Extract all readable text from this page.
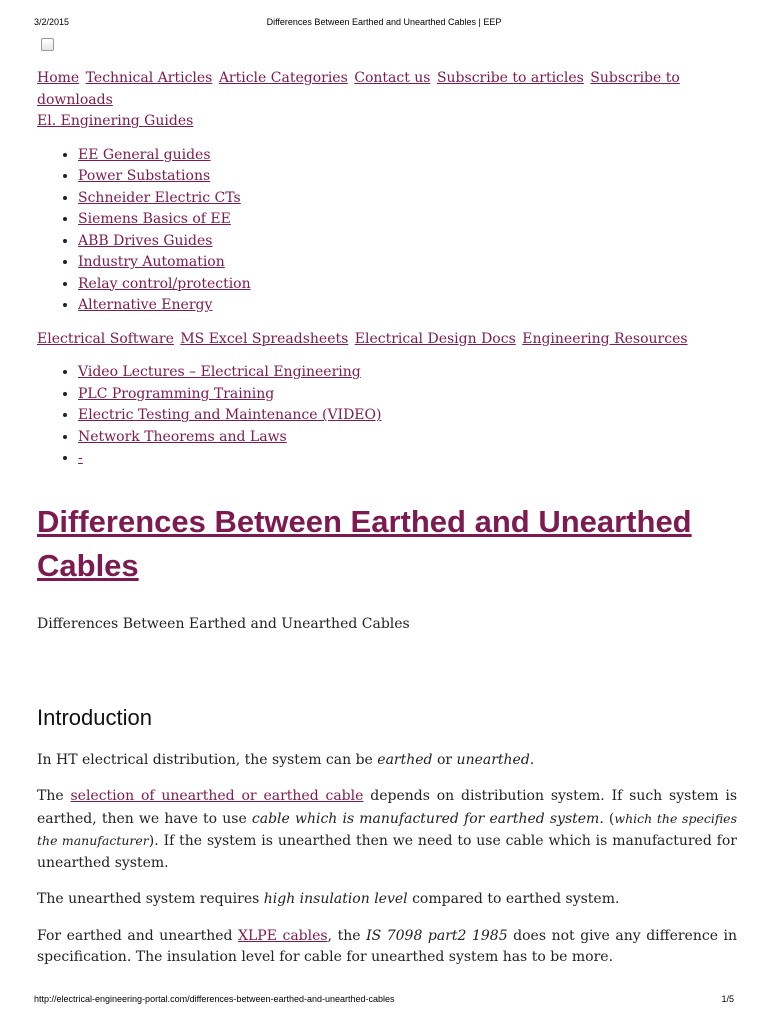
3/2/2015	Differences Between Earthed and Unearthed Cables | EEP

Home Technical Articles Article Categories Contact us Subscribe to articles Subscribe to downloads
El. Enginering Guides

• EE General guides
• Power Substations
• Schneider Electric CTs
• Siemens Basics of EE
• ABB Drives Guides
• Industry Automation
• Relay control/protection
• Alternative Energy

Electrical Software MS Excel Spreadsheets Electrical Design Docs Engineering Resources

• Video Lectures – Electrical Engineering
• PLC Programming Training
• Electric Testing and Maintenance (VIDEO)
• Network Theorems and Laws
• -
Differences Between Earthed and Unearthed Cables

Differences Between Earthed and Unearthed Cables

Introduction

In HT electrical distribution, the system can be earthed or unearthed.

The selection of unearthed or earthed cable depends on distribution system. If such system is earthed, then we have to use cable which is manufactured for earthed system. (which the specifies the manufacturer). If the system is unearthed then we need to use cable which is manufactured for unearthed system.

The unearthed system requires high insulation level compared to earthed system.

For earthed and unearthed XLPE cables, the IS 7098 part2 1985 does not give any difference in specification. The insulation level for cable for unearthed system has to be more.

http://electrical-engineering-portal.com/differences-between-earthed-and-unearthed-cables	1/5
